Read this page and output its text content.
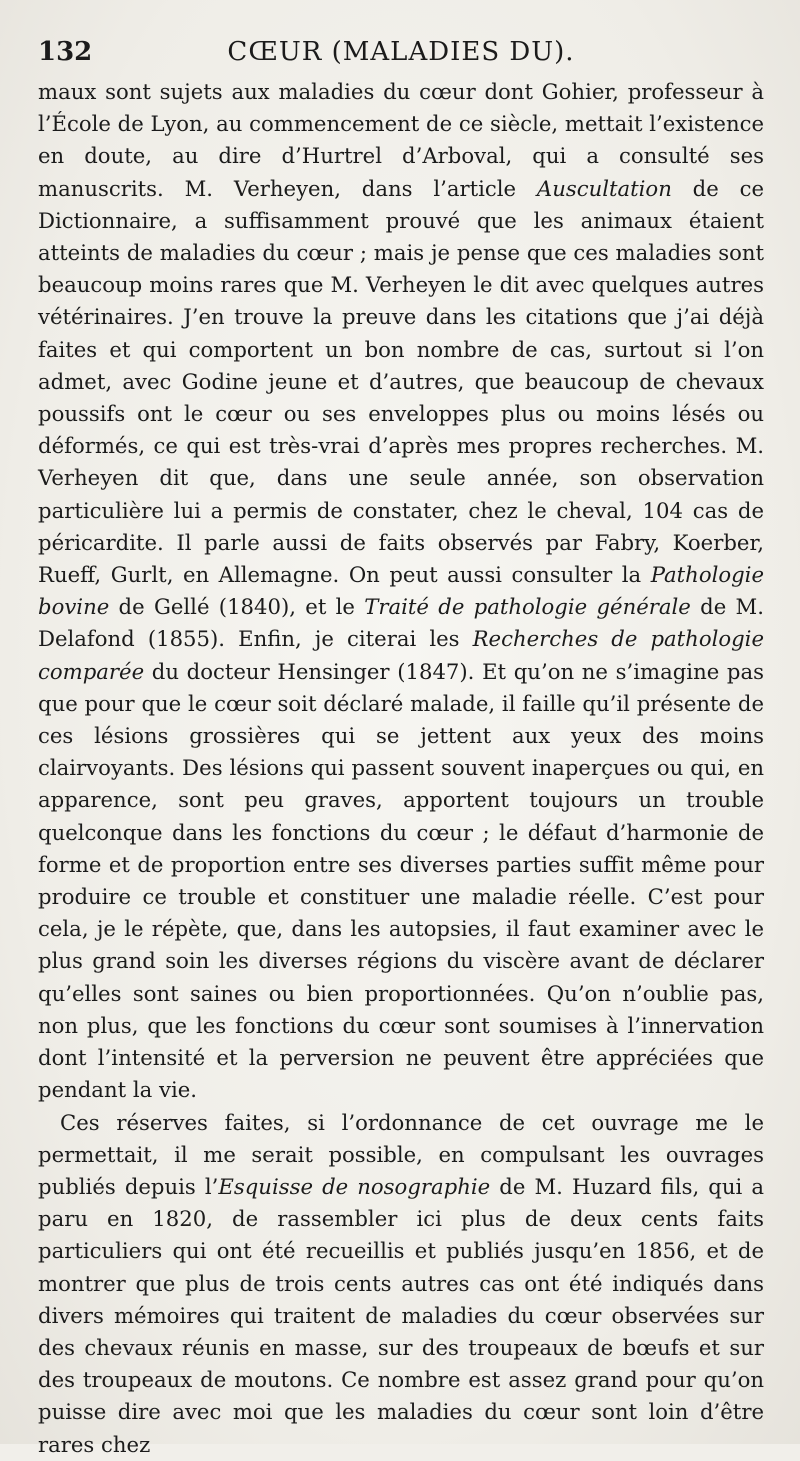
132	CŒUR (MALADIES DU).

maux sont sujets aux maladies du cœur dont Gohier, professeur à l’École de Lyon, au commencement de ce siècle, mettait l’existence en doute, au dire d’Hurtrel d’Arboval, qui a consulté ses manuscrits. M. Verheyen, dans l’article Auscultation de ce Dictionnaire, a suffisamment prouvé que les animaux étaient atteints de maladies du cœur ; mais je pense que ces maladies sont beaucoup moins rares que M. Verheyen le dit avec quelques autres vétérinaires. J’en trouve la preuve dans les citations que j’ai déjà faites et qui comportent un bon nombre de cas, surtout si l’on admet, avec Godine jeune et d’autres, que beaucoup de chevaux poussifs ont le cœur ou ses enveloppes plus ou moins lésés ou déformés, ce qui est très-vrai d’après mes propres recherches. M. Verheyen dit que, dans une seule année, son observation particulière lui a permis de constater, chez le cheval, 104 cas de péricardite. Il parle aussi de faits observés par Fabry, Koerber, Rueff, Gurlt, en Allemagne. On peut aussi consulter la Pathologie bovine de Gellé (1840), et le Traité de pathologie générale de M. Delafond (1855). Enfin, je citerai les Recherches de pathologie comparée du docteur Hensinger (1847). Et qu’on ne s’imagine pas que pour que le cœur soit déclaré malade, il faille qu’il présente de ces lésions grossières qui se jettent aux yeux des moins clairvoyants. Des lésions qui passent souvent inaperçues ou qui, en apparence, sont peu graves, apportent toujours un trouble quelconque dans les fonctions du cœur ; le défaut d’harmonie de forme et de proportion entre ses diverses parties suffit même pour produire ce trouble et constituer une maladie réelle. C’est pour cela, je le répète, que, dans les autopsies, il faut examiner avec le plus grand soin les diverses régions du viscère avant de déclarer qu’elles sont saines ou bien proportionnées. Qu’on n’oublie pas, non plus, que les fonctions du cœur sont soumises à l’innervation dont l’intensité et la perversion ne peuvent être appréciées que pendant la vie.

Ces réserves faites, si l’ordonnance de cet ouvrage me le permettait, il me serait possible, en compulsant les ouvrages publiés depuis l’Esquisse de nosographie de M. Huzard fils, qui a paru en 1820, de rassembler ici plus de deux cents faits particuliers qui ont été recueillis et publiés jusqu’en 1856, et de montrer que plus de trois cents autres cas ont été indiqués dans divers mémoires qui traitent de maladies du cœur observées sur des chevaux réunis en masse, sur des troupeaux de bœufs et sur des troupeaux de moutons. Ce nombre est assez grand pour qu’on puisse dire avec moi que les maladies du cœur sont loin d’être rares chez
